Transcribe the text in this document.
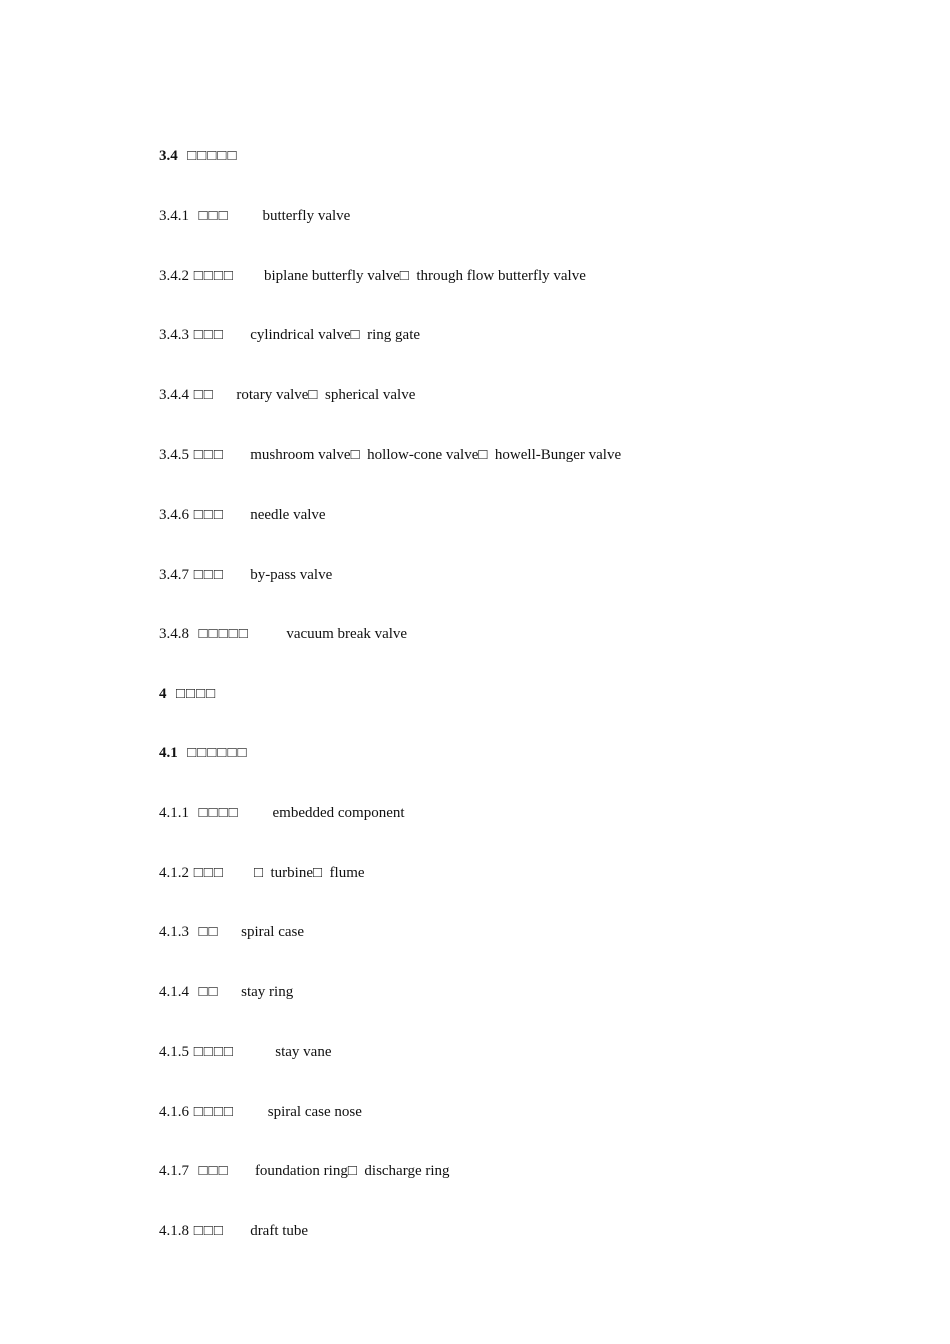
3.4  □□□□□

3.4.1  □□□         butterfly valve

3.4.2 □□□□        biplane butterfly valve□  through flow butterfly valve

3.4.3 □□□       cylindrical valve□  ring gate

3.4.4 □□      rotary valve□  spherical valve

3.4.5 □□□       mushroom valve□  hollow-cone valve□  howell-Bunger valve

3.4.6 □□□       needle valve

3.4.7 □□□       by-pass valve

3.4.8  □□□□□          vacuum break valve

4  □□□□

4.1  □□□□□□

4.1.1  □□□□         embedded component

4.1.2 □□□        □  turbine□  flume

4.1.3  □□      spiral case

4.1.4  □□      stay ring

4.1.5 □□□□           stay vane

4.1.6 □□□□         spiral case nose

4.1.7  □□□       foundation ring□  discharge ring

4.1.8 □□□       draft tube
